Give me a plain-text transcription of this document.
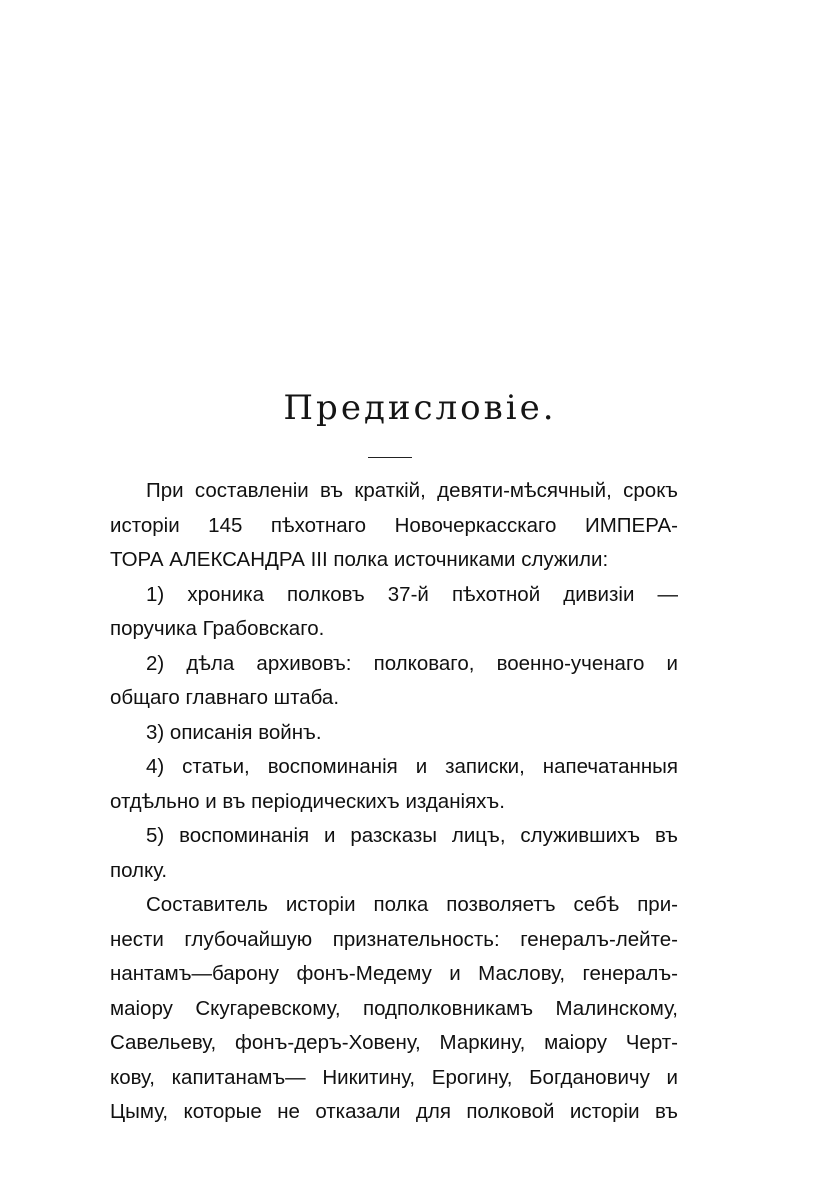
Предисловіе.
При составленіи въ краткій, девяти-мѣсячный, срокъ
исторіи 145 пѣхотнаго Новочеркасскаго ИМПЕРА-
ТОРА АЛЕКСАНДРА III полка источниками служили:
1) хроника полковъ 37-й пѣхотной дивизіи —
поручика Грабовскаго.
2) дѣла архивовъ: полковаго, военно-ученаго и
общаго главнаго штаба.
3) описанія войнъ.
4) статьи, воспоминанія и записки, напечатанныя
отдѣльно и въ періодическихъ изданіяхъ.
5) воспоминанія и разсказы лицъ, служившихъ въ
полку.
Составитель исторіи полка позволяетъ себѣ при-
нести глубочайшую признательность: генералъ-лейте-
нантамъ—барону фонъ-Медему и Маслову, генералъ-
маіору Скугаревскому, подполковникамъ Малинскому,
Савельеву, фонъ-деръ-Ховену, Маркину, маіору Черт-
кову, капитанамъ— Никитину, Ерогину, Богдановичу и
Цыму, которые не отказали для полковой исторіи въ
